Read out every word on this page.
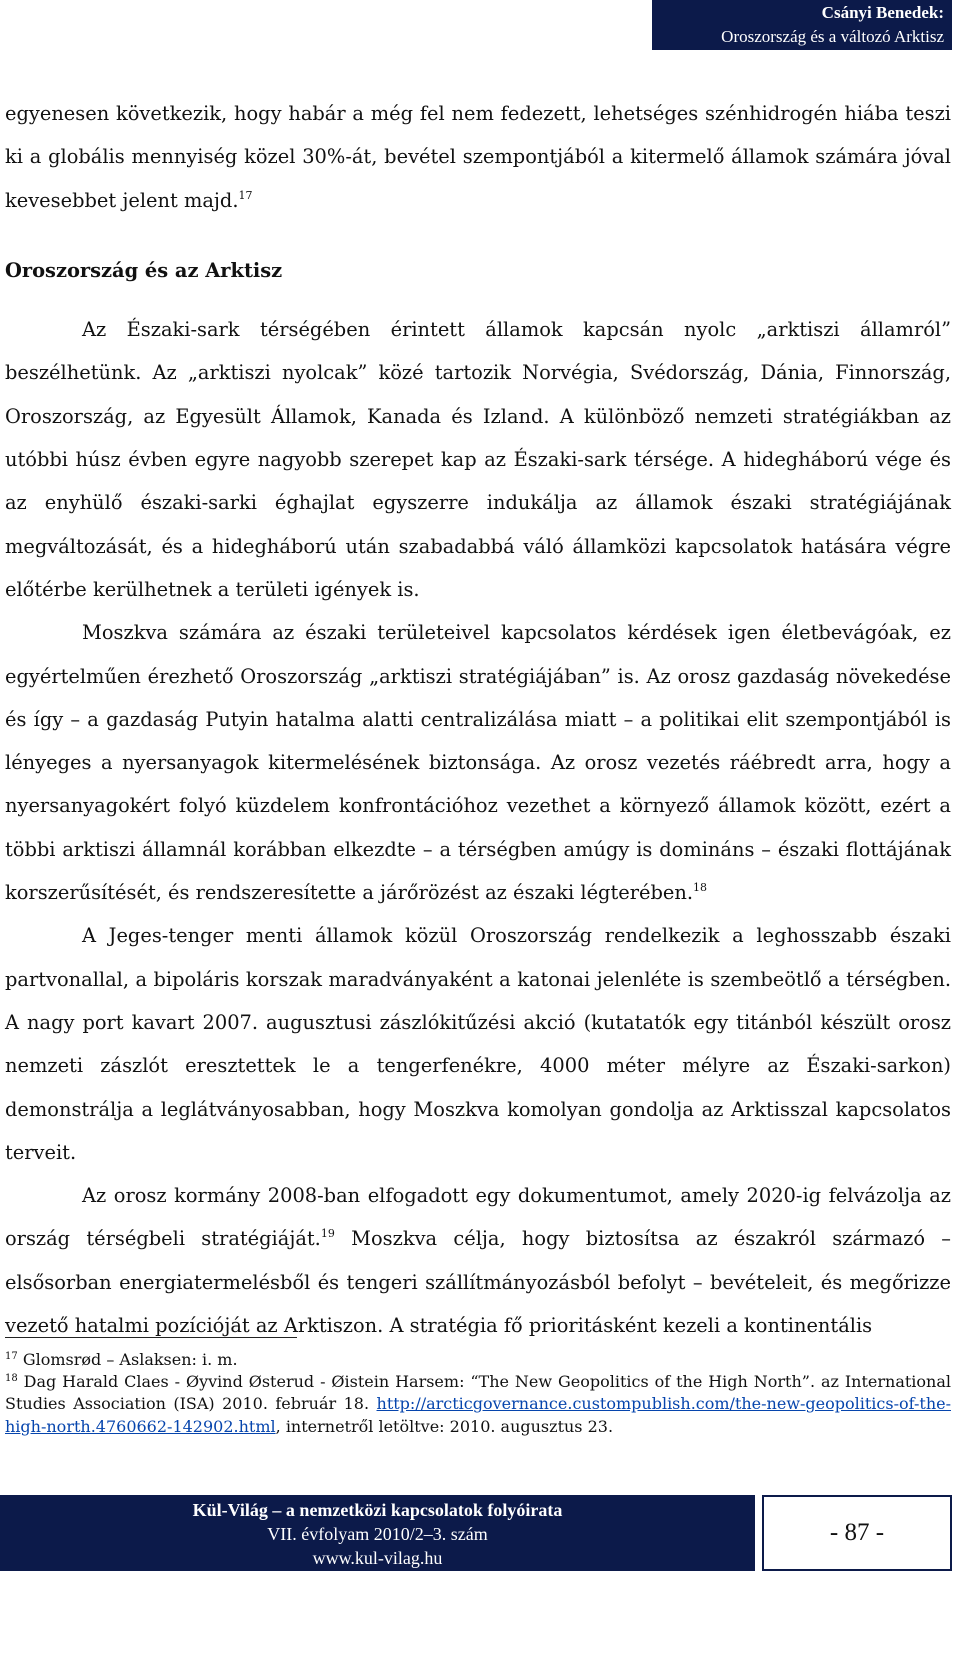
Csányi Benedek:
Oroszország és a változó Arktisz

egyenesen következik, hogy habár a még fel nem fedezett, lehetséges szénhidrogén hiába teszi ki a globális mennyiség közel 30%-át, bevétel szempontjából a kitermelő államok számára jóval kevesebbet jelent majd.$^{17}$

Oroszország és az Arktisz

Az Északi-sark térségében érintett államok kapcsán nyolc „arktiszi államról” beszélhetünk. Az „arktiszi nyolcak” közé tartozik Norvégia, Svédország, Dánia, Finnország, Oroszország, az Egyesült Államok, Kanada és Izland. A különböző nemzeti stratégiákban az utóbbi húsz évben egyre nagyobb szerepet kap az Északi-sark térsége. A hidegháború vége és az enyhülő északi-sarki éghajlat egyszerre indukálja az államok északi stratégiájának megváltozását, és a hidegháború után szabadabbá váló államközi kapcsolatok hatására végre előtérbe kerülhetnek a területi igények is.

Moszkva számára az északi területeivel kapcsolatos kérdések igen életbevágóak, ez egyértelműen érezhető Oroszország „arktiszi stratégiájában” is. Az orosz gazdaság növekedése és így – a gazdaság Putyin hatalma alatti centralizálása miatt – a politikai elit szempontjából is lényeges a nyersanyagok kitermelésének biztonsága. Az orosz vezetés ráébredt arra, hogy a nyersanyagokért folyó küzdelem konfrontációhoz vezethet a környező államok között, ezért a többi arktiszi államnál korábban elkezdte – a térségben amúgy is domináns – északi flottájának korszerűsítését, és rendszeresítette a járőrözést az északi légterében.$^{18}$

A Jeges-tenger menti államok közül Oroszország rendelkezik a leghosszabb északi partvonallal, a bipoláris korszak maradványaként a katonai jelenléte is szembeötlő a térségben. A nagy port kavart 2007. augusztusi zászlókitűzési akció (kutatatók egy titánból készült orosz nemzeti zászlót eresztettek le a tengerfenékre, 4000 méter mélyre az Északi-sarkon) demonstrálja a leglátványosabban, hogy Moszkva komolyan gondolja az Arktisszal kapcsolatos terveit.

Az orosz kormány 2008-ban elfogadott egy dokumentumot, amely 2020-ig felvázolja az ország térségbeli stratégiáját.$^{19}$ Moszkva célja, hogy biztosítsa az északról származó – elsősorban energiatermelésből és tengeri szállítmányozásból befolyt – bevételeit, és megőrizze vezető hatalmi pozícióját az Arktiszon. A stratégia fő prioritásként kezeli a kontinentális

$^{17}$ Glomsrød – Aslaksen: i. m.

$^{18}$ Dag Harald Claes - Øyvind Østerud - Øistein Harsem: “The New Geopolitics of the High North”. az International Studies Association (ISA) 2010. február 18. http://arcticgovernance.custompublish.com/the-new-geopolitics-of-the-high-north.4760662-142902.html, internetről letöltve: 2010. augusztus 23.

Kül-Világ – a nemzetközi kapcsolatok folyóirata
VII. évfolyam 2010/2–3. szám
www.kul-vilag.hu
- 87 -
